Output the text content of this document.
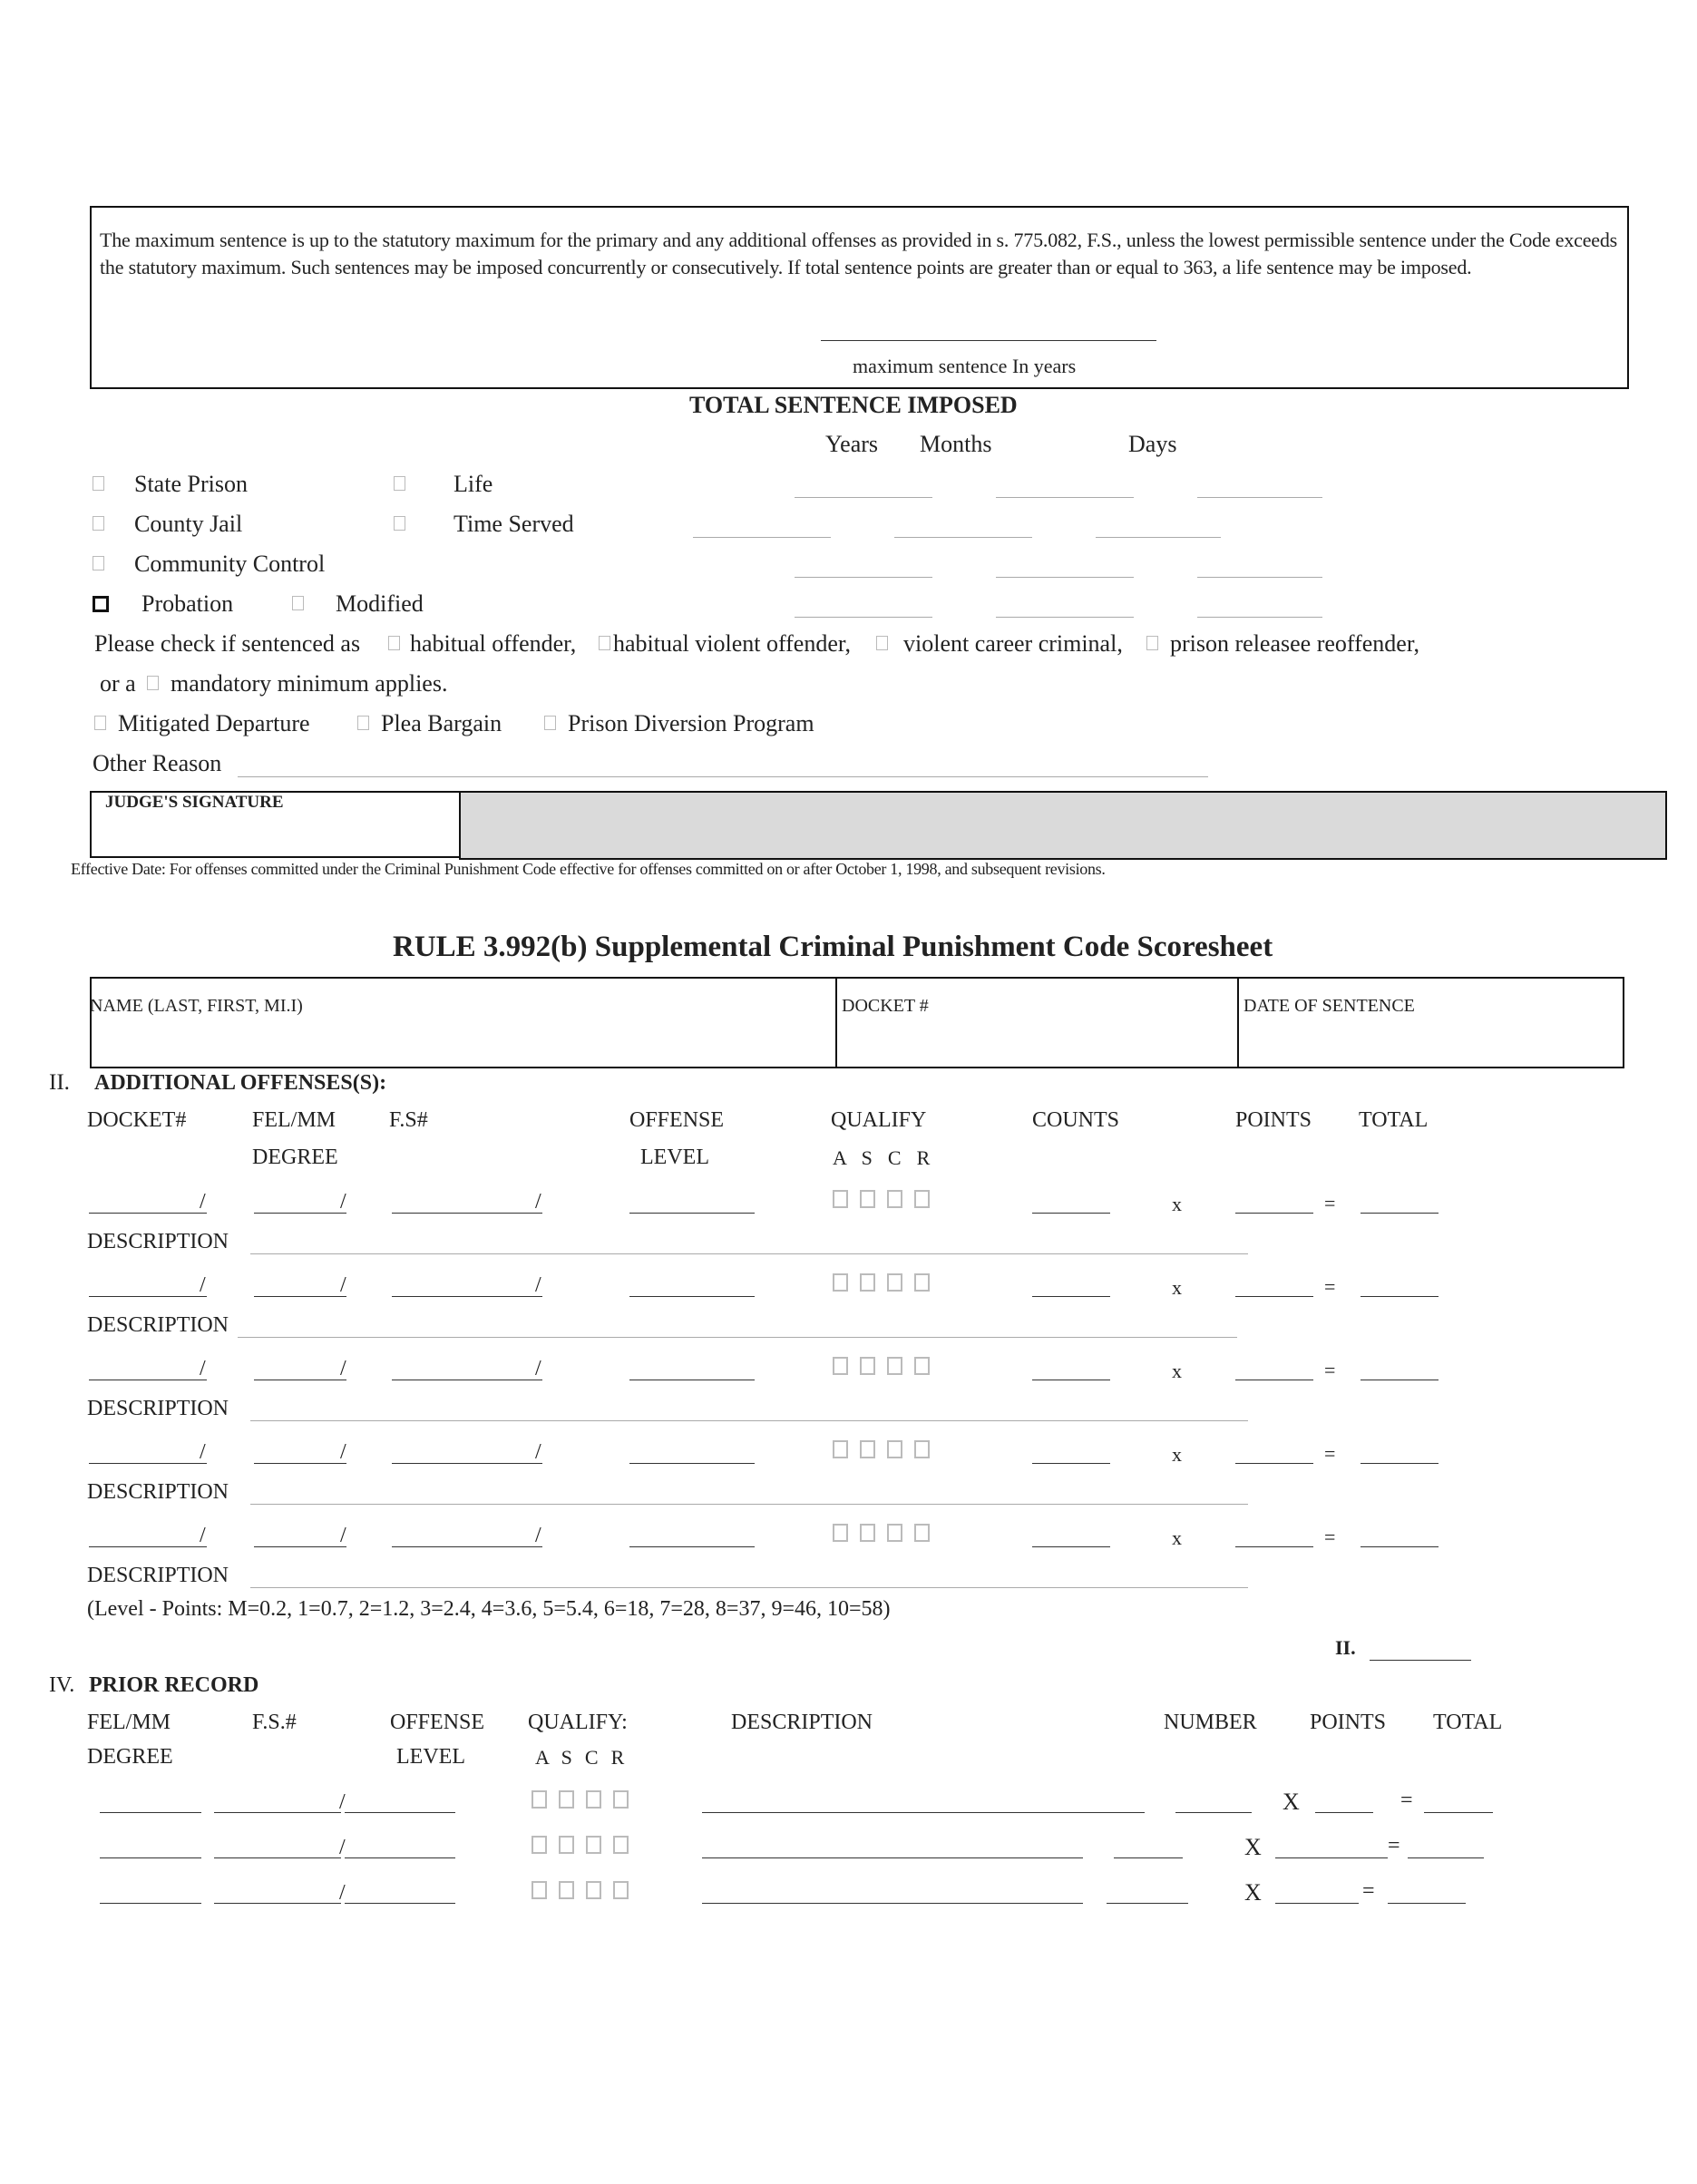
The maximum sentence is up to the statutory maximum for the primary and any additional offenses as provided in s. 775.082, F.S., unless the lowest permissible sentence under the Code exceeds the statutory maximum. Such sentences may be imposed concurrently or consecutively. If total sentence points are greater than or equal to 363, a life sentence may be imposed.
maximum sentence In years
TOTAL SENTENCE IMPOSED
Years Months	Days
State Prison	Life
County Jail	Time Served
Community Control
Probation	Modified
Please check if sentenced as habitual offender, habitual violent offender, violent career criminal, prison releasee reoffender,
or a mandatory minimum applies.
Mitigated Departure	Plea Bargain	Prison Diversion Program
Other Reason
JUDGE'S SIGNATURE
Effective Date: For offenses committed under the Criminal Punishment Code effective for offenses committed on or after October 1, 1998, and subsequent revisions.
RULE 3.992(b) Supplemental Criminal Punishment Code Scoresheet
NAME (LAST, FIRST, MI.I)	DOCKET #	DATE OF SENTENCE
II. ADDITIONAL OFFENSES(S):
DOCKET#	FEL/MM
DEGREE
F.S#	OFFENSE
LEVEL
QUALIFY
A  S  C  R
COUNTS	POINTS TOTAL
/	/	/	x	=
DESCRIPTION
/	/	/	x	=
DESCRIPTION
/	/	/	x	=
DESCRIPTION
/	/	/	x	=
DESCRIPTION
/	/	/	x	=
DESCRIPTION
(Level - Points: M=0.2, 1=0.7, 2=1.2, 3=2.4, 4=3.6, 5=5.4, 6=18, 7=28, 8=37, 9=46, 10=58)
II.
IV. PRIOR RECORD
FEL/MM
DEGREE
F.S.#	OFFENSE
LEVEL
QUALIFY:
A  S  C  R
DESCRIPTION	NUMBER POINTS TOTAL
/	X	=
/	X	=
/	X	=
